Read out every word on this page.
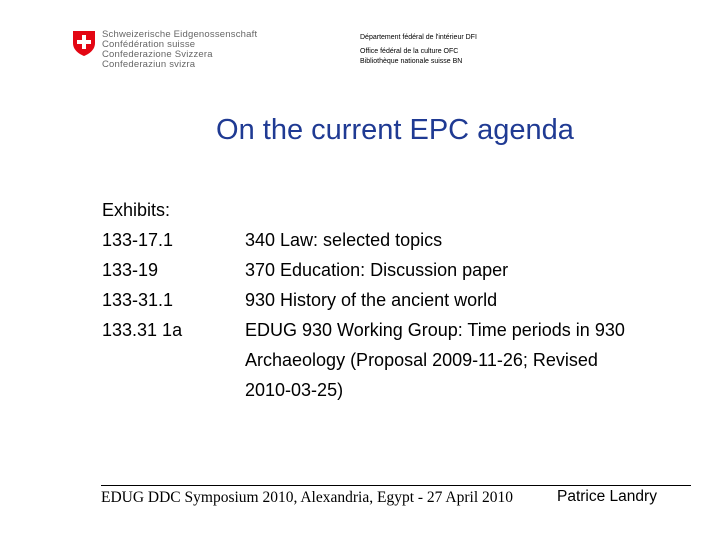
Schweizerische Eidgenossenschaft
Confédération suisse
Confederazione Svizzera
Confederaziun svizra
Département fédéral de l'intérieur DFI
Office fédéral de la culture OFC
Bibliothèque nationale suisse BN
On the current EPC agenda
Exhibits:
133-17.1
133-19
133-31.1
133.31 1a
340 Law: selected topics
370 Education: Discussion paper
930 History of the ancient world
EDUG 930 Working Group: Time periods in 930
Archaeology (Proposal 2009-11-26; Revised
2010-03-25)
EDUG DDC Symposium 2010, Alexandria, Egypt - 27 April 2010	Patrice Landry
